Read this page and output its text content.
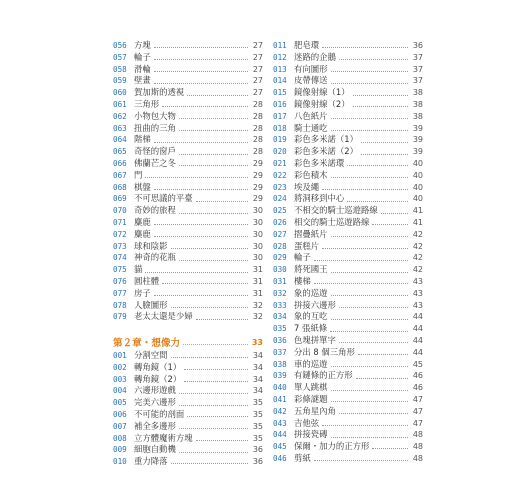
056 方塊	27
057 輪子	27
058 滑輪	27
059 壁畫	27
060 賀加斯的透視	27
061 三角形	28
062 小物包大物	28
063 扭曲的三角	28
064 階梯	28
065 奇怪的窗戶	28
066 佛蘭芒之冬	29
067 門	29
068 棋盤	29
069 不可思議的平臺	29
070 奇妙的旅程	30
071 麋鹿	30
072 麋鹿	30
073 球和陰影	30
074 神奇的花瓶	30
075 貓	31
076 圓柱體	31
077 房子	31
078 人臉圖形	32
079 老太太還是少婦	32
第２章・想像力	33
001 分割空間	34
002 轉角鏡（1）	34
003 轉角鏡（2）	34
004 六邊形遊戲	34
005 完美六邊形	35
006 不可能的剖面	35
007 補全多邊形	35
008 立方體魔術方塊	35
009 細胞自動機	36
010 重力降落	36
011 肥皂環	36
012 迷路的企鵝	37
013 有向圖形	37
014 皮帶傳送	37
015 鏡像射線（1）	38
016 鏡像射線（2）	38
017 八色紙片	38
018 騎士通吃	39
019 彩色多米諾（1）	39
020 彩色多米諾（2）	39
021 彩色多米諾環	40
022 彩色積木	40
023 埃及繩	40
024 將洞移到中心	40
025 不相交的騎士巡遊路線	41
026 相交的騎士巡遊路線	41
027 摺疊紙片	42
028 蛋糕片	42
029 輪子	42
030 將死國王	42
031 樓梯	43
032 象的巡遊	43
033 拼接六邊形	43
034 象的互吃	44
035 7 張紙條	44
036 色塊拼單字	44
037 分出 8 個三角形	44
038 車的巡遊	45
039 有鏈條的正方形	46
040 單人跳棋	46
041 彩條謎題	47
042 五角星內角	47
043 吉他弦	47
044 拼接瓷磚	48
045 保爾・加力的正方形	48
046 剪紙	48
